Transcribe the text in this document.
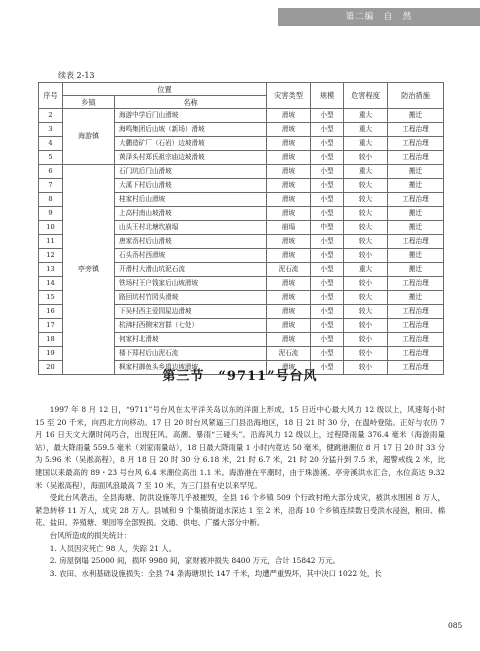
第二编　自　然
续表 2-13
序号	位置		灾害类型	规模	危害程度	防治措施
	乡镇	名称				
2	海游镇	海游中学后门山滑坡	滑坡	小型	重大	搬迁
3		海鸣集团后山坡（新场）滑坡	滑坡	小型	重大	工程治理
4		大鹏造矿厂（石岩）边坡滑坡	滑坡	小型	重大	工程治理
5		黄泽头村郑氏祖宗庙边坡滑坡	滑坡	小型	较小	工程治理
6	亭旁镇	石门坑后门山滑坡	滑坡	小型	重大	搬迁
7		大溪下村后山滑坡	滑坡	小型	较大	搬迁
8		桂家村后山滑坡	滑坡	小型	较大	工程治理
9		上高村南山坡滑坡	滑坡	小型	较大	搬迁
10		山头王村北塘坎崩塌	崩塌	中型	较大	搬迁
11		唐家岙村后山滑坡	滑坡	小型	较大	工程治理
12		石头岙村西滑坡	滑坡	小型	较小	搬迁
13		开滑村大滑山坑泥石流	泥石流	小型	重大	搬迁
14		铁场村王户钱家后山坡滑坡	滑坡	小型	较小	工程治理
15		路回坑村竹园头滑坡	滑坡	小型	较大	搬迁
16		下吴村西主爱园屋边滑坡	滑坡	小型	较大	工程治理
17		杭沸村西侧宋宫群（七处）	滑坡	小型	较小	工程治理
18		何家村北滑坡	滑坡	小型	较小	工程治理
19		楼下郑村后山泥石流	泥石流	小型	较小	工程治理
20		枫家村御鱼头乡道边坡滑坡	滑坡	小型	较小	工程治理
第三节　“9711”号台风

1997 年 8 月 12 日，“9711”号台风在太平洋关岛以东的洋面上形成，15 日近中心最大风力 12 级以上，风速每小时 15 至 20 千米，向西北方向移动。17 日 20 时台风紧逼三门县沿海地区，18 日 21 时 30 分，在温岭登陆。正好与农历 7 月 16 日天文大潮时间巧合，出现狂风、高潮、暴雨“三碰头”。沿海风力 12 级以上，过程降雨量 376.4 毫米（海游雨量站），最大降雨量 559.5 毫米（刘家雨量站），18 日最大降雨量 1 小时内竟达 50 毫米，健跳港潮位 8 月 17 日 20 时 33 分为 5.96 米（吴淞高程），8 月 18 日 20 时 30 分 6.18 米，21 时 6.7 米，21 时 20 分猛升到 7.5 米，超警戒线 2 米，比建国以来最高的 89・23 号台风 6.4 米潮位高出 1.1 米。海游港在平潮时，由于珠游溪、亭旁溪洪水汇合，水位高达 9.32 米（吴淞高程），海面风浪最高 7 至 10 米，为三门县有史以来罕见。

受此台风袭击，全县海塘、防洪设施等几乎被摧毁，全县 16 个乡镇 509 个行政村绝大部分成灾，被洪水围困 8 万人，紧急转移 11 万人，成灾 28 万人。县城和 9 个集镇街道水深达 1 至 2 米，沿海 10 个乡镇连续数日受洪水浸泡，粮田、棉花、盐田、养殖塘、果园等全部毁损。交通、供电、广播大部分中断。

台风所造成的损失统计：

1. 人员因灾死亡 98 人，失踪 21 人。

2. 房屋倒塌 25000 间，损坏 9980 间，家财被冲损失 8400 万元，合计 15842 万元。

3. 农田、水利基础设施损失：全县 74 条海塘坝长 147 千米，均遭严重毁坏，其中决口 1022 处，长

085
